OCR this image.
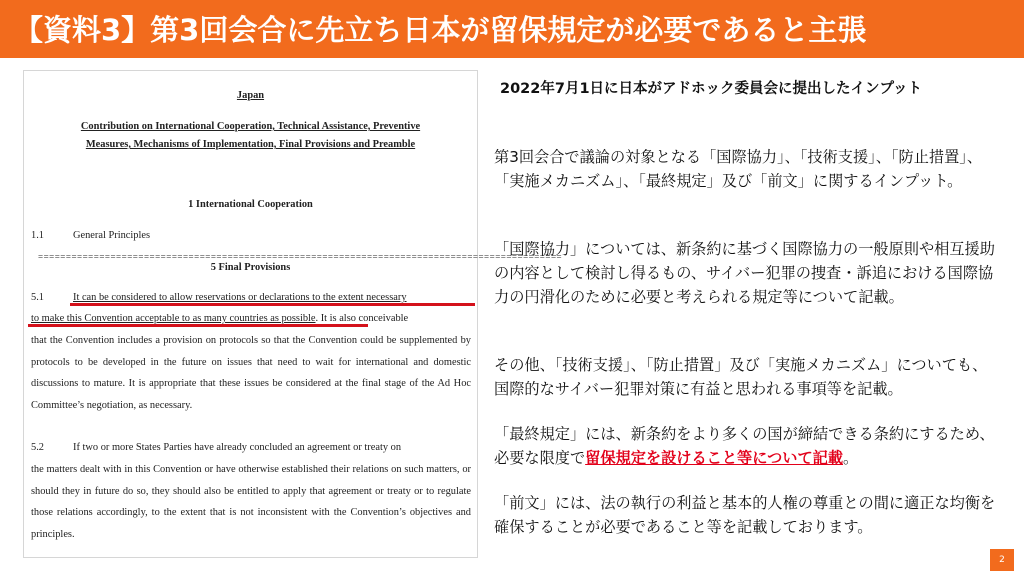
【資料3】第3回会合に先立ち日本が留保規定が必要であると主張
Japan
Contribution on International Cooperation, Technical Assistance, Preventive
Measures, Mechanisms of Implementation, Final Provisions and Preamble
1 International Cooperation
1.1	General Principles
==============================================================================================
5 Final Provisions
5.1	It can be considered to allow reservations or declarations to the extent necessary
to make this Convention acceptable to as many countries as possible. It is also conceivable
that the Convention includes a provision on protocols so that the Convention could be supplemented by protocols to be developed in the future on issues that need to wait for international and domestic discussions to mature. It is appropriate that these issues be considered at the final stage of the Ad Hoc Committee’s negotiation, as necessary.
5.2	If two or more States Parties have already concluded an agreement or treaty on
the matters dealt with in this Convention or have otherwise established their relations on such matters, or should they in future do so, they should also be entitled to apply that agreement or treaty or to regulate those relations accordingly, to the extent that is not inconsistent with the Convention’s objectives and principles.
2022年7月1日に日本がアドホック委員会に提出したインプット
第3回会合で議論の対象となる「国際協力」、「技術支援」、「防止措置」、「実施メカニズム」、「最終規定」及び「前文」に関するインプット。
「国際協力」については、新条約に基づく国際協力の一般原則や相互援助の内容として検討し得るもの、サイバー犯罪の捜査・訴追における国際協力の円滑化のために必要と考えられる規定等について記載。
その他、「技術支援」、「防止措置」及び「実施メカニズム」についても、国際的なサイバー犯罪対策に有益と思われる事項等を記載。
「最終規定」には、新条約をより多くの国が締結できる条約にするため、必要な限度で留保規定を設けること等について記載。
「前文」には、法の執行の利益と基本的人権の尊重との間に適正な均衡を確保することが必要であること等を記載しております。
2
